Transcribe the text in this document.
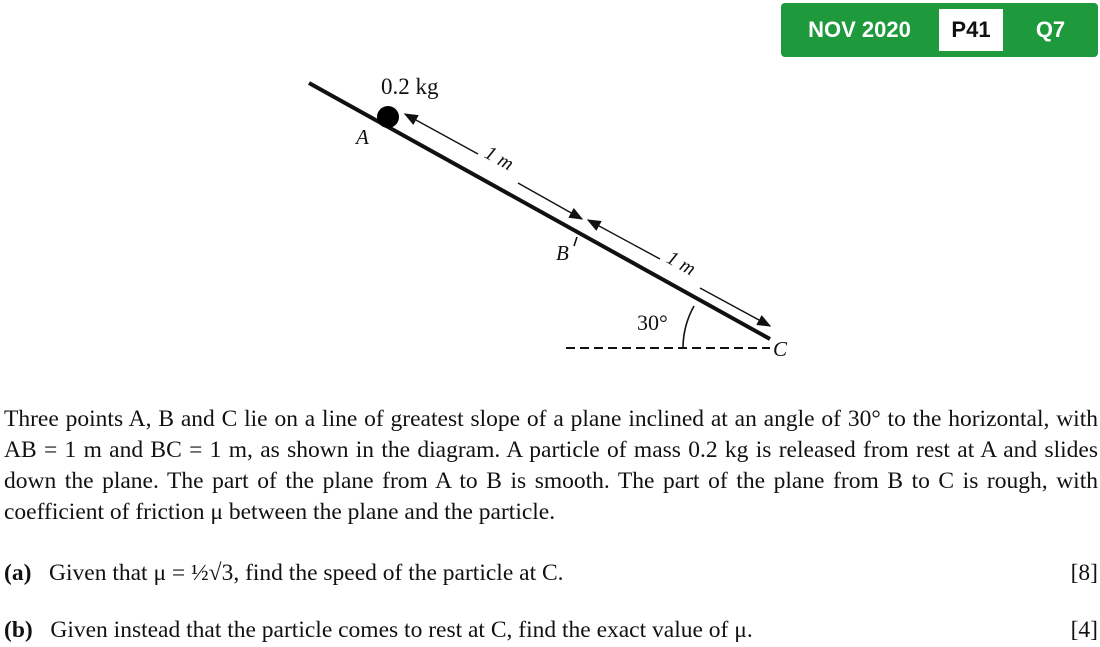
NOV 2020	P41	Q7
0.2 kg
A
B
C
1 m
1 m
30°
Three points A, B and C lie on a line of greatest slope of a plane inclined at an angle of 30° to the horizontal, with AB = 1 m and BC = 1 m, as shown in the diagram. A particle of mass 0.2 kg is released from rest at A and slides down the plane. The part of the plane from A to B is smooth. The part of the plane from B to C is rough, with coefficient of friction μ between the plane and the particle.
(a) Given that μ = ½√3, find the speed of the particle at C.	[8]
(b) Given instead that the particle comes to rest at C, find the exact value of μ.	[4]
